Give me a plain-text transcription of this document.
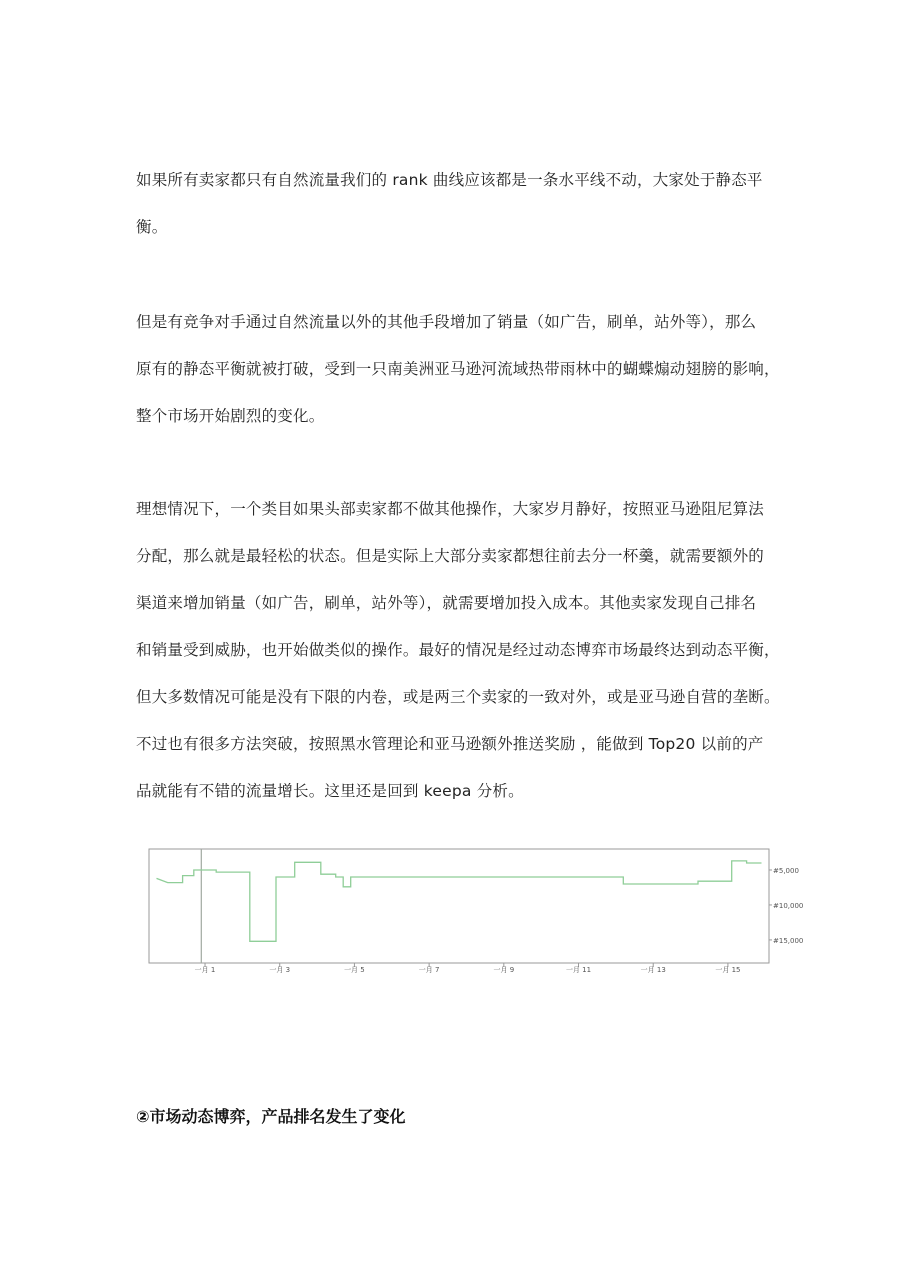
如果所有卖家都只有自然流量我们的 rank 曲线应该都是一条水平线不动，大家处于静态平
衡。
但是有竞争对手通过自然流量以外的其他手段增加了销量（如广告，刷单，站外等），那么
原有的静态平衡就被打破，受到一只南美洲亚马逊河流域热带雨林中的蝴蝶煽动翅膀的影响，
整个市场开始剧烈的变化。
理想情况下，一个类目如果头部卖家都不做其他操作，大家岁月静好，按照亚马逊阻尼算法
分配，那么就是最轻松的状态。但是实际上大部分卖家都想往前去分一杯羹，就需要额外的
渠道来增加销量（如广告，刷单，站外等），就需要增加投入成本。其他卖家发现自己排名
和销量受到威胁，也开始做类似的操作。最好的情况是经过动态博弈市场最终达到动态平衡，
但大多数情况可能是没有下限的内卷，或是两三个卖家的一致对外，或是亚马逊自营的垄断。
不过也有很多方法突破，按照黑水管理论和亚马逊额外推送奖励 ，能做到 Top20 以前的产
品就能有不错的流量增长。这里还是回到 keepa 分析。
一月 1	一月 3	一月 5	一月 7	一月 9	一月 11	一月 13	一月 15
#5,000
#10,000
#15,000
②市场动态博弈，产品排名发生了变化
